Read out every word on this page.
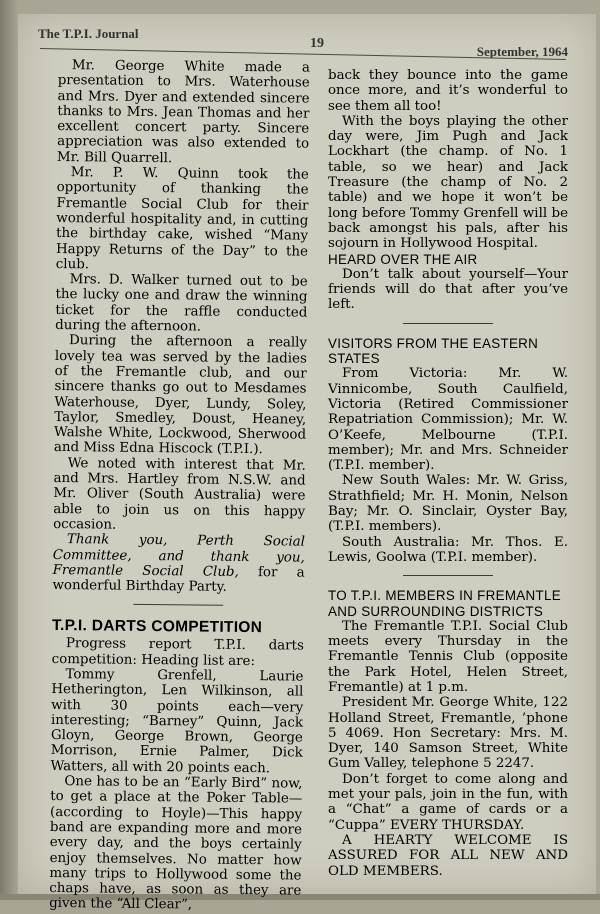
The T.P.I. Journal
19
September, 1964

Mr. George White made a presentation to Mrs. Waterhouse and Mrs. Dyer and extended sincere thanks to Mrs. Jean Thomas and her excellent concert party. Sincere appreciation was also extended to Mr. Bill Quarrell.

Mr. P. W. Quinn took the opportunity of thanking the Fremantle Social Club for their wonderful hospitality and, in cutting the birthday cake, wished “Many Happy Returns of the Day” to the club.

Mrs. D. Walker turned out to be the lucky one and draw the winning ticket for the raffle conducted during the afternoon.

During the afternoon a really lovely tea was served by the ladies of the Fremantle club, and our sincere thanks go out to Mesdames Waterhouse, Dyer, Lundy, Soley, Taylor, Smedley, Doust, Heaney, Walshe White, Lockwood, Sherwood and Miss Edna Hiscock (T.P.I.).

We noted with interest that Mr. and Mrs. Hartley from N.S.W. and Mr. Oliver (South Australia) were able to join us on this happy occasion.

Thank you, Perth Social Committee, and thank you, Fremantle Social Club, for a wonderful Birthday Party.

T.P.I. DARTS COMPETITION

Progress report T.P.I. darts competition: Heading list are:

Tommy Grenfell, Laurie Hetherington, Len Wilkinson, all with 30 points each—very interesting; “Barney” Quinn, Jack Gloyn, George Brown, George Morrison, Ernie Palmer, Dick Watters, all with 20 points each.

One has to be an “Early Bird” now, to get a place at the Poker Table—(according to Hoyle)—This happy band are expanding more and more every day, and the boys certainly enjoy themselves. No matter how many trips to Hollywood some the chaps have, as soon as they are given the “All Clear”,

back they bounce into the game once more, and it’s wonderful to see them all too!

With the boys playing the other day were, Jim Pugh and Jack Lockhart (the champ. of No. 1 table, so we hear) and Jack Treasure (the champ of No. 2 table) and we hope it won’t be long before Tommy Grenfell will be back amongst his pals, after his sojourn in Hollywood Hospital.

HEARD OVER THE AIR

Don’t talk about yourself—Your friends will do that after you’ve left.

VISITORS FROM THE EASTERN STATES

From Victoria: Mr. W. Vinnicombe, South Caulfield, Victoria (Retired Commissioner Repatriation Commission); Mr. W. O’Keefe, Melbourne (T.P.I. member); Mr. and Mrs. Schneider (T.P.I. member).

New South Wales: Mr. W. Griss, Strathfield; Mr. H. Monin, Nelson Bay; Mr. O. Sinclair, Oyster Bay, (T.P.I. members).

South Australia: Mr. Thos. E. Lewis, Goolwa (T.P.I. member).

TO T.P.I. MEMBERS IN FREMANTLE AND SURROUNDING DISTRICTS

The Fremantle T.P.I. Social Club meets every Thursday in the Fremantle Tennis Club (opposite the Park Hotel, Helen Street, Fremantle) at 1 p.m.

President Mr. George White, 122 Holland Street, Fremantle, ’phone 5 4069. Hon Secretary: Mrs. M. Dyer, 140 Samson Street, White Gum Valley, telephone 5 2247.

Don’t forget to come along and met your pals, join in the fun, with a “Chat” a game of cards or a “Cuppa” EVERY THURSDAY.

A HEARTY WELCOME IS ASSURED FOR ALL NEW AND OLD MEMBERS.
